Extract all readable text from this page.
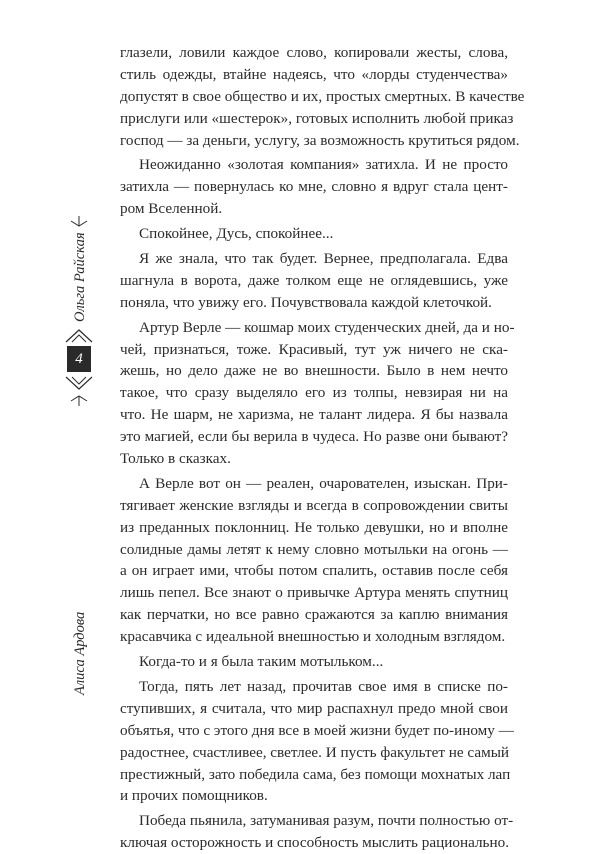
глазели, ловили каждое слово, копировали жесты, слова,
стиль одежды, втайне надеясь, что «лорды студенчества»
допустят в свое общество и их, простых смертных. В качестве
прислуги или «шестерок», готовых исполнить любой приказ
господ — за деньги, услугу, за возможность крутиться рядом.
Неожиданно «золотая компания» затихла. И не просто
затихла — повернулась ко мне, словно я вдруг стала цент-
ром Вселенной.
Спокойнее, Дусь, спокойнее...
Я же знала, что так будет. Вернее, предполагала. Едва
шагнула в ворота, даже толком еще не оглядевшись, уже
поняла, что увижу его. Почувствовала каждой клеточкой.
Артур Верле — кошмар моих студенческих дней, да и но-
чей, признаться, тоже. Красивый, тут уж ничего не ска-
жешь, но дело даже не во внешности. Было в нем нечто
такое, что сразу выделяло его из толпы, невзирая ни на
что. Не шарм, не харизма, не талант лидера. Я бы назвала
это магией, если бы верила в чудеса. Но разве они бывают?
Только в сказках.
А Верле вот он — реален, очарователен, изыскан. При-
тягивает женские взгляды и всегда в сопровождении свиты
из преданных поклонниц. Не только девушки, но и вполне
солидные дамы летят к нему словно мотыльки на огонь —
а он играет ими, чтобы потом спалить, оставив после себя
лишь пепел. Все знают о привычке Артура менять спутниц
как перчатки, но все равно сражаются за каплю внимания
красавчика с идеальной внешностью и холодным взглядом.
Когда-то и я была таким мотыльком...
Тогда, пять лет назад, прочитав свое имя в списке по-
ступивших, я считала, что мир распахнул предо мной свои
объятья, что с этого дня все в моей жизни будет по-иному —
радостнее, счастливее, светлее. И пусть факультет не самый
престижный, зато победила сама, без помощи мохнатых лап
и прочих помощников.
Победа пьянила, затуманивая разум, почти полностью от-
ключая осторожность и способность мыслить рационально.
Ольга Райская
4
Алиса Ардова
